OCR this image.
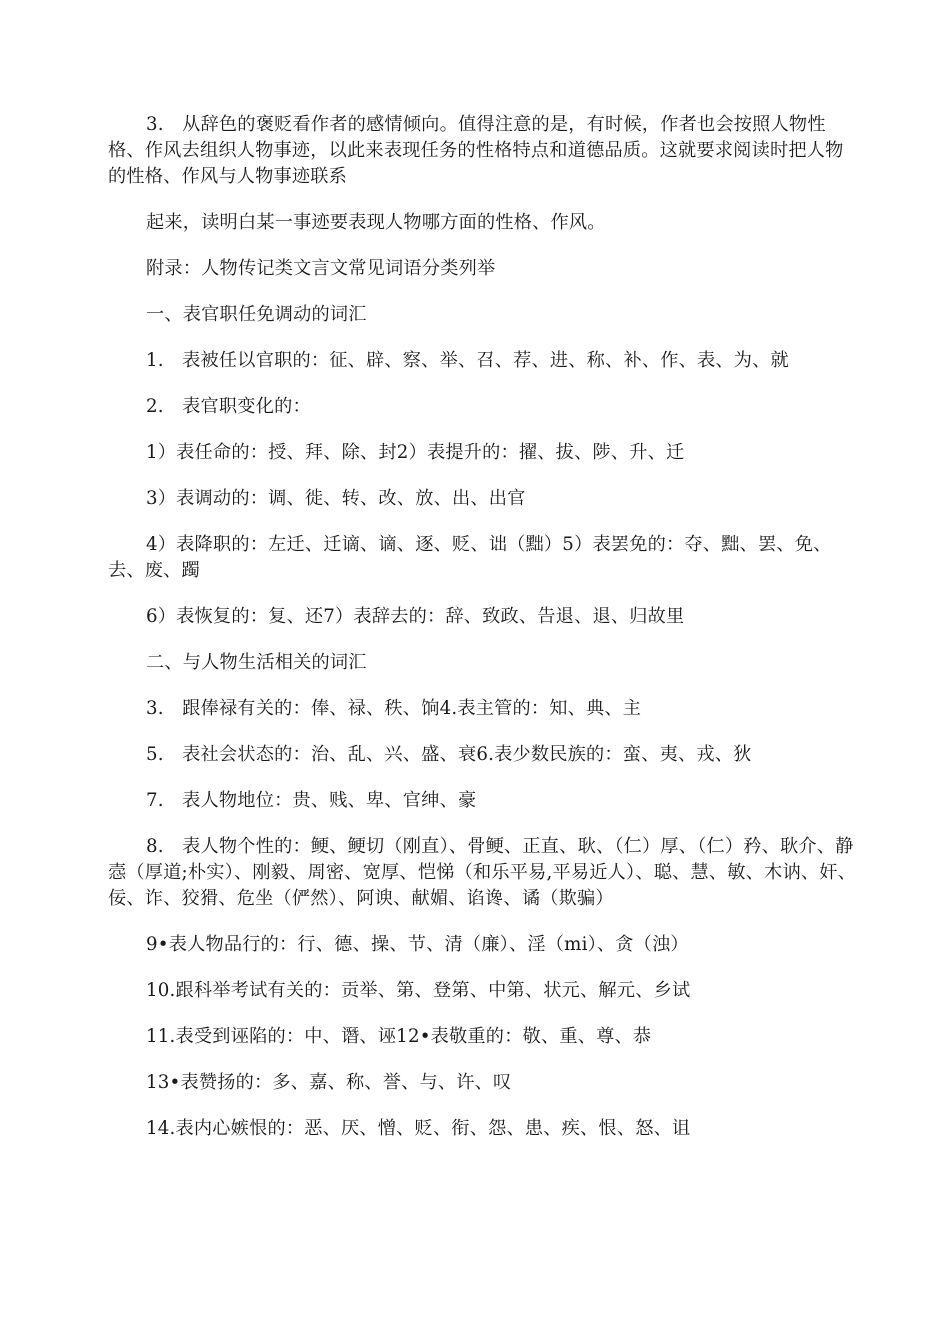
3.　从辞色的褒贬看作者的感情倾向。值得注意的是，有时候，作者也会按照人物性格、作风去组织人物事迹，以此来表现任务的性格特点和道德品质。这就要求阅读时把人物的性格、作风与人物事迹联系

起来，读明白某一事迹要表现人物哪方面的性格、作风。

附录：人物传记类文言文常见词语分类列举

一、表官职任免调动的词汇

1.　表被任以官职的：征、辟、察、举、召、荐、进、称、补、作、表、为、就

2.　表官职变化的：

1）表任命的：授、拜、除、封2）表提升的：擢、拔、陟、升、迁

3）表调动的：调、徙、转、改、放、出、出官

4）表降职的：左迁、迁谪、谪、逐、贬、诎（黜）5）表罢免的：夺、黜、罢、免、去、废、躅

6）表恢复的：复、还7）表辞去的：辞、致政、告退、退、归故里

二、与人物生活相关的词汇

3.　跟俸禄有关的：俸、禄、秩、饷4.表主管的：知、典、主

5.　表社会状态的：治、乱、兴、盛、衰6.表少数民族的：蛮、夷、戎、狄

7.　表人物地位：贵、贱、卑、官绅、豪

8.　表人物个性的：鲠、鲠切（刚直）、骨鲠、正直、耿、（仁）厚、（仁）矜、耿介、静悫（厚道;朴实）、刚毅、周密、宽厚、恺悌（和乐平易,平易近人）、聪、慧、敏、木讷、奸、佞、诈、狡猾、危坐（俨然）、阿谀、献媚、谄谗、谲（欺骗）

9•表人物品行的：行、德、操、节、清（廉）、淫（mi）、贪（浊）

10.跟科举考试有关的：贡举、第、登第、中第、状元、解元、乡试

11.表受到诬陷的：中、谮、诬12•表敬重的：敬、重、尊、恭

13•表赞扬的：多、嘉、称、誉、与、许、叹

14.表内心嫉恨的：恶、厌、憎、贬、衔、怨、患、疾、恨、怒、诅
